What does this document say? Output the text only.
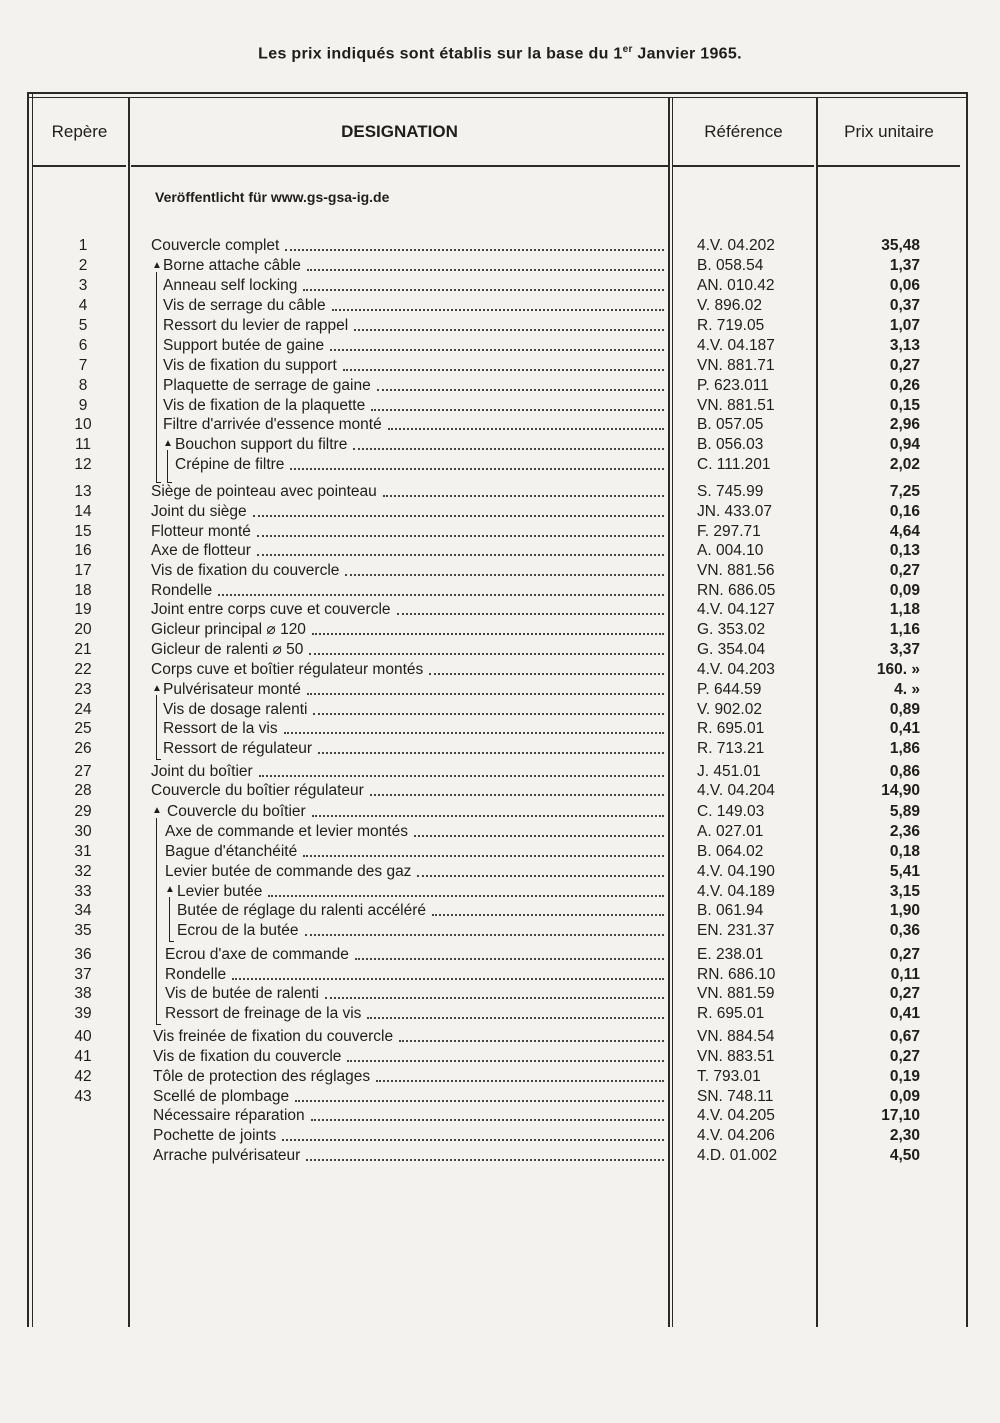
Les prix indiqués sont établis sur la base du 1er Janvier 1965.
Repère	DESIGNATION	Référence	Prix unitaire
Veröffentlicht für www.gs-gsa-ig.de
1	Couvercle complet	4.V. 04.202	35,48
2	Borne attache câble	B. 058.54	1,37
3	Anneau self locking	AN. 010.42	0,06
4	Vis de serrage du câble	V. 896.02	0,37
5	Ressort du levier de rappel	R. 719.05	1,07
6	Support butée de gaine	4.V. 04.187	3,13
7	Vis de fixation du support	VN. 881.71	0,27
8	Plaquette de serrage de gaine	P. 623.011	0,26
9	Vis de fixation de la plaquette	VN. 881.51	0,15
10	Filtre d'arrivée d'essence monté	B. 057.05	2,96
11	Bouchon support du filtre	B. 056.03	0,94
12	Crépine de filtre	C. 111.201	2,02
13	Siège de pointeau avec pointeau	S. 745.99	7,25
14	Joint du siège	JN. 433.07	0,16
15	Flotteur monté	F. 297.71	4,64
16	Axe de flotteur	A. 004.10	0,13
17	Vis de fixation du couvercle	VN. 881.56	0,27
18	Rondelle	RN. 686.05	0,09
19	Joint entre corps cuve et couvercle	4.V. 04.127	1,18
20	Gicleur principal ⌀ 120	G. 353.02	1,16
21	Gicleur de ralenti ⌀ 50	G. 354.04	3,37
22	Corps cuve et boîtier régulateur montés	4.V. 04.203	160. »
23	Pulvérisateur monté	P. 644.59	4. »
24	Vis de dosage ralenti	V. 902.02	0,89
25	Ressort de la vis	R. 695.01	0,41
26	Ressort de régulateur	R. 713.21	1,86
27	Joint du boîtier	J. 451.01	0,86
28	Couvercle du boîtier régulateur	4.V. 04.204	14,90
29	Couvercle du boîtier	C. 149.03	5,89
30	Axe de commande et levier montés	A. 027.01	2,36
31	Bague d'étanchéité	B. 064.02	0,18
32	Levier butée de commande des gaz	4.V. 04.190	5,41
33	Levier butée	4.V. 04.189	3,15
34	Butée de réglage du ralenti accéléré	B. 061.94	1,90
35	Ecrou de la butée	EN. 231.37	0,36
36	Ecrou d'axe de commande	E. 238.01	0,27
37	Rondelle	RN. 686.10	0,11
38	Vis de butée de ralenti	VN. 881.59	0,27
39	Ressort de freinage de la vis	R. 695.01	0,41
40	Vis freinée de fixation du couvercle	VN. 884.54	0,67
41	Vis de fixation du couvercle	VN. 883.51	0,27
42	Tôle de protection des réglages	T. 793.01	0,19
43	Scellé de plombage	SN. 748.11	0,09
Nécessaire réparation	4.V. 04.205	17,10
Pochette de joints	4.V. 04.206	2,30
Arrache pulvérisateur	4.D. 01.002	4,50
▲
▲
▲
▲
▲
